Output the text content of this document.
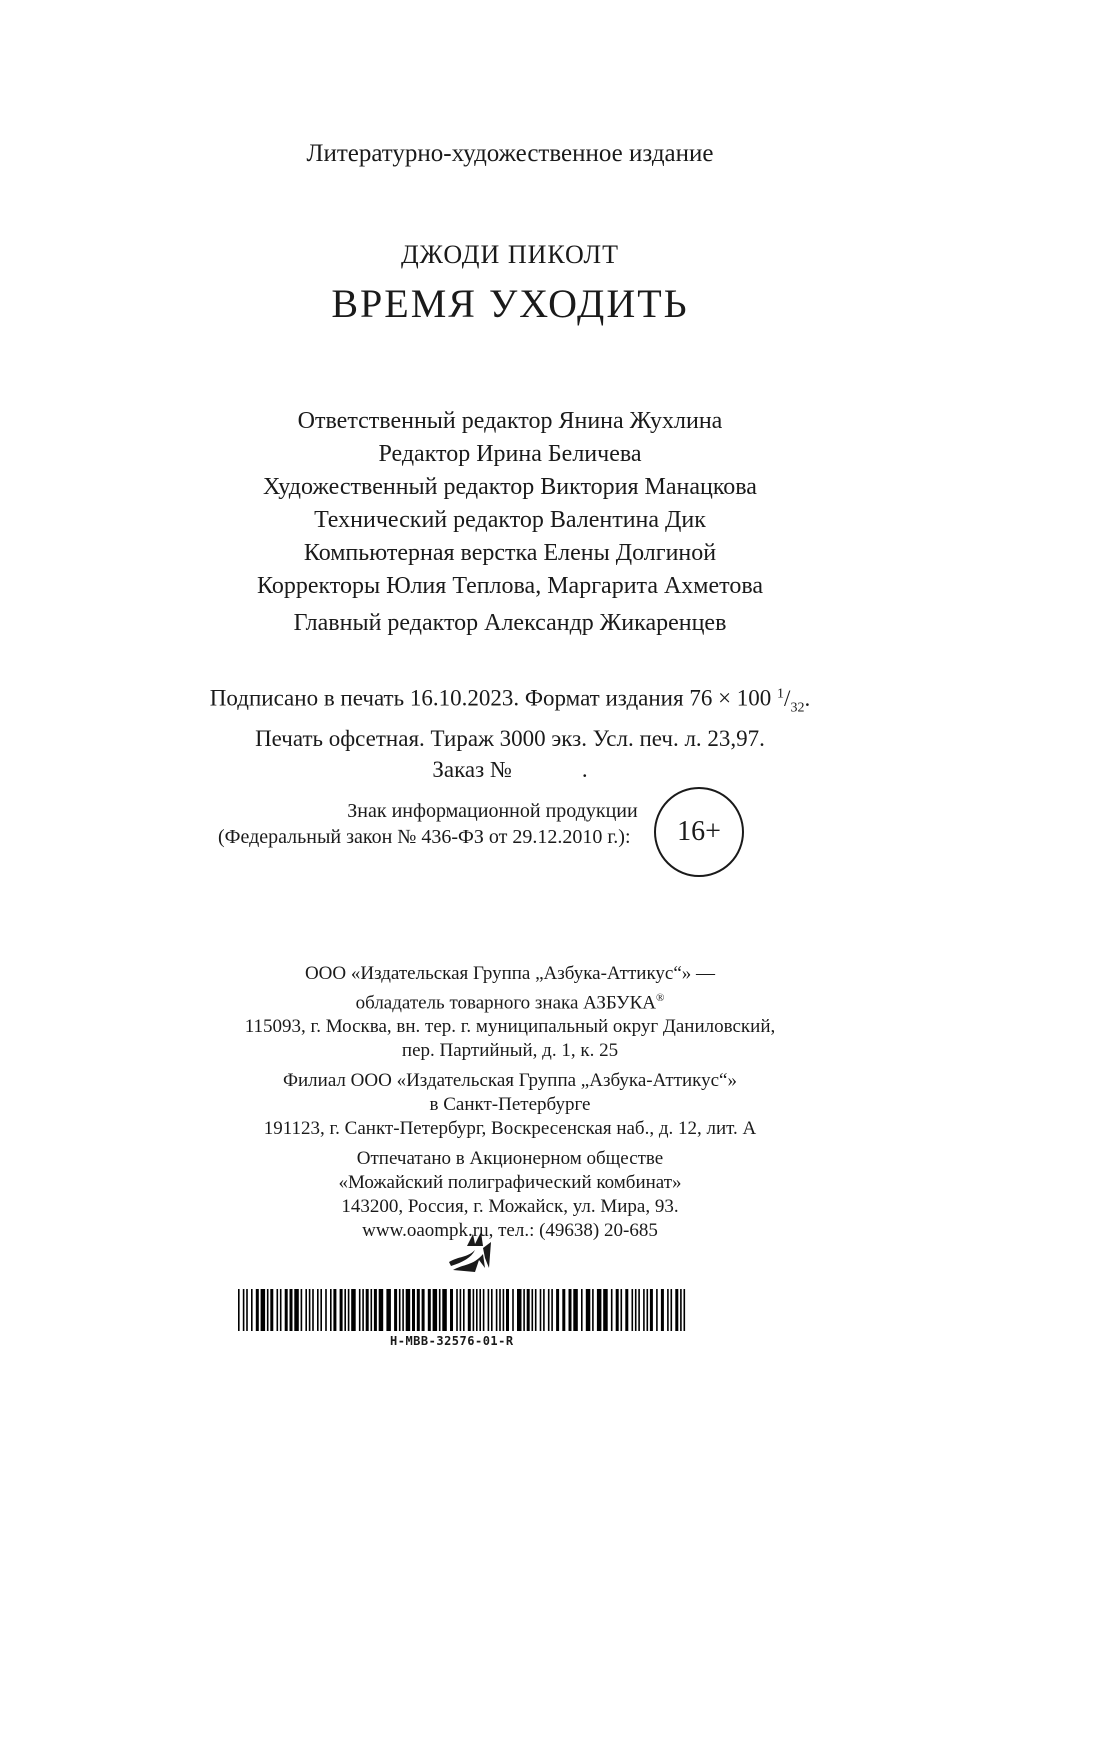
Литературно-художественное издание
ДЖОДИ ПИКОЛТ
ВРЕМЯ УХОДИТЬ
Ответственный редактор Янина Жухлина
Редактор Ирина Беличева
Художественный редактор Виктория Манацкова
Технический редактор Валентина Дик
Компьютерная верстка Елены Долгиной
Корректоры Юлия Теплова, Маргарита Ахметова
Главный редактор Александр Жикаренцев
Подписано в печать 16.10.2023. Формат издания 76 × 100 $^1/_{32}$.
Печать офсетная. Тираж 3000 экз. Усл. печ. л. 23,97.
Заказ №	.
Знак информационной продукции
(Федеральный закон № 436-ФЗ от 29.12.2010 г.):	16+
ООО «Издательская Группа „Азбука-Аттикус“» —
обладатель товарного знака АЗБУКА®
115093, г. Москва, вн. тер. г. муниципальный округ Даниловский,
пер. Партийный, д. 1, к. 25
Филиал ООО «Издательская Группа „Азбука-Аттикус“»
в Санкт-Петербурге
191123, г. Санкт-Петербург, Воскресенская наб., д. 12, лит. А
Отпечатано в Акционерном обществе
«Можайский полиграфический комбинат»
143200, Россия, г. Можайск, ул. Мира, 93.
www.oaompk.ru, тел.: (49638) 20-685
H-MBB-32576-01-R
